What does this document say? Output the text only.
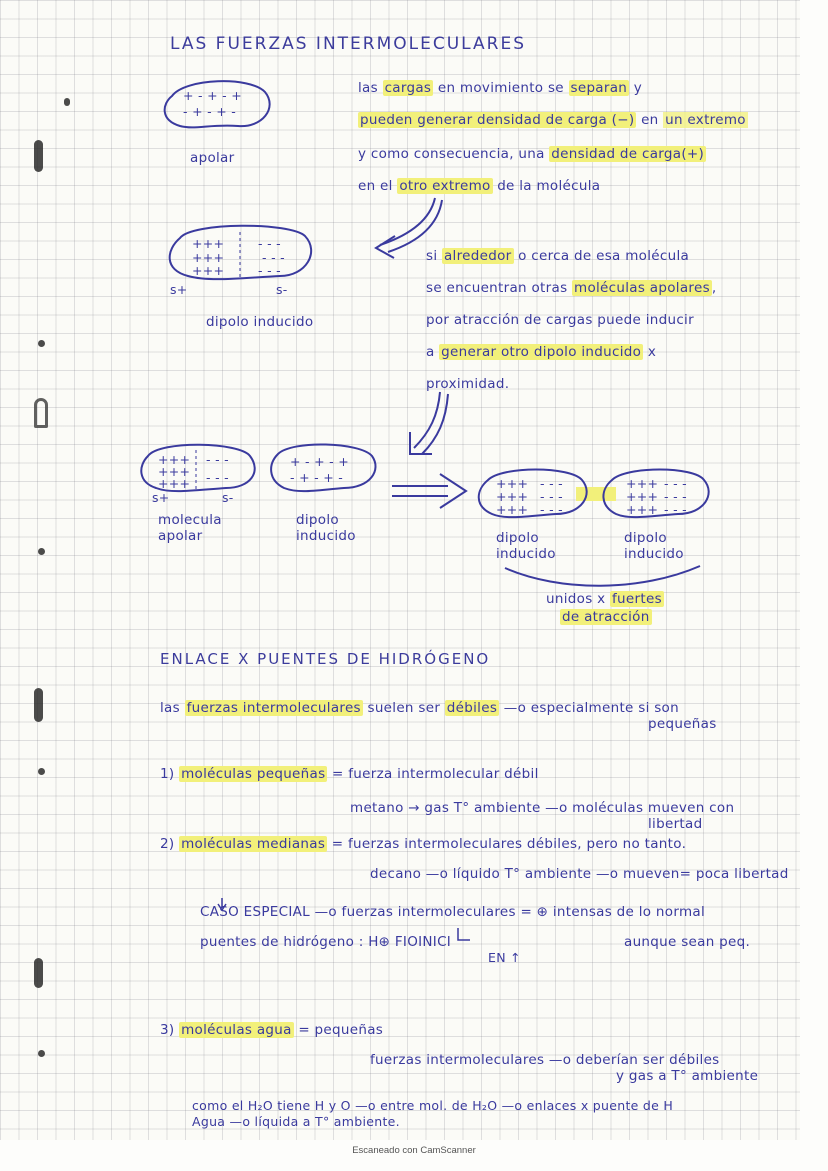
LAS FUERZAS INTERMOLECULARES
+ - + - +
- + - + -
apolar
+++
+++
+++
- - -
- - -
- - -
s+	s-
dipolo inducido
las cargas en movimiento se separan y
pueden generar densidad de carga (−) en un extremo
y como consecuencia, una densidad de carga(+)
en el otro extremo de la molécula
si alrededor o cerca de esa molécula
se encuentran otras moléculas apolares ,
por atracción de cargas puede inducir
a generar otro dipolo inducido x
proximidad.
+++
+++
+++
- - -
- - -
s+	s-
+ - + - +
- + - + -
molecula
apolar
dipolo
inducido
+++
+++
+++
- - -
- - -
- - -
+++
+++
+++
- - -
- - -
- - -
dipolo
inducido
dipolo
inducido
unidos x fuertes
de atracción
ENLACE X PUENTES DE HIDRÓGENO
las fuerzas intermoleculares suelen ser débiles —o especialmente si son
pequeñas
1) moléculas pequeñas = fuerza intermolecular débil
metano → gas T° ambiente —o moléculas mueven con
libertad
2) moléculas medianas = fuerzas intermoleculares débiles, pero no tanto.
decano —o líquido T° ambiente —o mueven= poca libertad
CASO ESPECIAL —o fuerzas intermoleculares = ⊕ intensas de lo normal
puentes de hidrógeno : H⊕ FIOINICI	aunque sean peq.
EN ↑
3) moléculas agua = pequeñas
fuerzas intermoleculares —o deberían ser débiles
y gas a T° ambiente
como el H₂O tiene H y O —o entre mol. de H₂O —o enlaces x puente de H
Agua —o líquida a T° ambiente.
Escaneado con CamScanner
